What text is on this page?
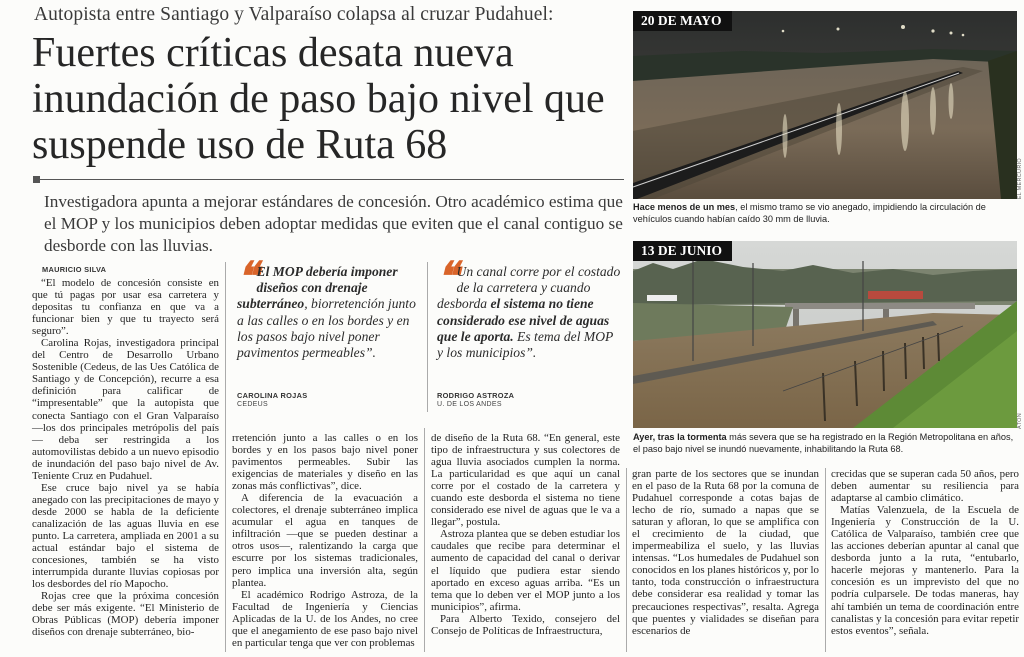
Autopista entre Santiago y Valparaíso colapsa al cruzar Pudahuel:
Fuertes críticas desata nueva inundación de paso bajo nivel que suspende uso de Ruta 68

Investigadora apunta a mejorar estándares de concesión. Otro académico estima que el MOP y los municipios deben adoptar medidas que eviten que el canal contiguo se desborde con las lluvias.

MAURICIO SILVA

“El modelo de concesión consiste en que tú pagas por usar esa carretera y depositas tu confianza en que va a funcionar bien y que tu trayecto será seguro”.

Carolina Rojas, investigadora principal del Centro de Desarrollo Urbano Sostenible (Cedeus, de las Ues Católica de Santiago y de Concepción), recurre a esa definición para calificar de “impresentable” que la autopista que conecta Santiago con el Gran Valparaíso —los dos principales metrópolis del país— deba ser restringida a los automovilistas debido a un nuevo episodio de inundación del paso bajo nivel de Av. Teniente Cruz en Pudahuel.

Ese cruce bajo nivel ya se había anegado con las precipitaciones de mayo y desde 2000 se habla de la deficiente canalización de las aguas lluvia en ese punto. La carretera, ampliada en 2001 a su actual estándar bajo el sistema de concesiones, también se ha visto interrumpida durante lluvias copiosas por los desbordes del río Mapocho.

Rojas cree que la próxima concesión debe ser más exigente. “El Ministerio de Obras Públicas (MOP) debería imponer diseños con drenaje subterráneo, bio-

❝ El MOP debería imponer diseños con drenaje subterráneo, biorretención junto a las calles o en los bordes y en los pasos bajo nivel poner pavimentos permeables”.
CAROLINA ROJAS
CEDEUS
❝ Un canal corre por el costado de la carretera y cuando desborda el sistema no tiene considerado ese nivel de aguas que le aporta. Es tema del MOP y los municipios”.
RODRIGO ASTROZA
U. DE LOS ANDES

rretención junto a las calles o en los bordes y en los pasos bajo nivel poner pavimentos permeables. Subir las exigencias de materiales y diseño en las zonas más conflictivas”, dice.

A diferencia de la evacuación a colectores, el drenaje subterráneo implica acumular el agua en tanques de infiltración —que se pueden destinar a otros usos—, ralentizando la carga que escurre por los sistemas tradicionales, pero implica una inversión alta, según plantea.

El académico Rodrigo Astroza, de la Facultad de Ingeniería y Ciencias Aplicadas de la U. de los Andes, no cree que el anegamiento de ese paso bajo nivel en particular tenga que ver con problemas

de diseño de la Ruta 68. “En general, este tipo de infraestructura y sus colectores de agua lluvia asociados cumplen la norma. La particularidad es que aquí un canal corre por el costado de la carretera y cuando este desborda el sistema no tiene considerado ese nivel de aguas que le va a llegar”, postula.

Astroza plantea que se deben estudiar los caudales que recibe para determinar el aumento de capacidad del canal o derivar el líquido que pudiera estar siendo aportado en exceso aguas arriba. “Es un tema que lo deben ver el MOP junto a los municipios”, afirma.

Para Alberto Texido, consejero del Consejo de Políticas de Infraestructura,

gran parte de los sectores que se inundan en el paso de la Ruta 68 por la comuna de Pudahuel corresponde a cotas bajas de lecho de río, sumado a napas que se saturan y afloran, lo que se amplifica con el crecimiento de la ciudad, que impermeabiliza el suelo, y las lluvias intensas. “Los humedales de Pudahuel son conocidos en los planes históricos y, por lo tanto, toda construcción o infraestructura debe considerar esa realidad y tomar las precauciones respectivas”, resalta. Agrega que puentes y vialidades se diseñan para escenarios de

crecidas que se superan cada 50 años, pero deben aumentar su resiliencia para adaptarse al cambio climático.

Matías Valenzuela, de la Escuela de Ingeniería y Construcción de la U. Católica de Valparaíso, también cree que las acciones deberían apuntar al canal que desborda junto a la ruta, “entubarlo, hacerle mejoras y mantenerlo. Para la concesión es un imprevisto del que no podría culparsele. De todas maneras, hay ahí también un tema de coordinación entre canalistas y la concesión para evitar repetir estos eventos”, señala.

20 DE MAYO
EL MERCURIO
Hace menos de un mes, el mismo tramo se vio anegado, impidiendo la circulación de vehículos cuando habían caído 30 mm de lluvia.
13 DE JUNIO
ATON
Ayer, tras la tormenta más severa que se ha registrado en la Región Metropolitana en años, el paso bajo nivel se inundó nuevamente, inhabilitando la Ruta 68.
